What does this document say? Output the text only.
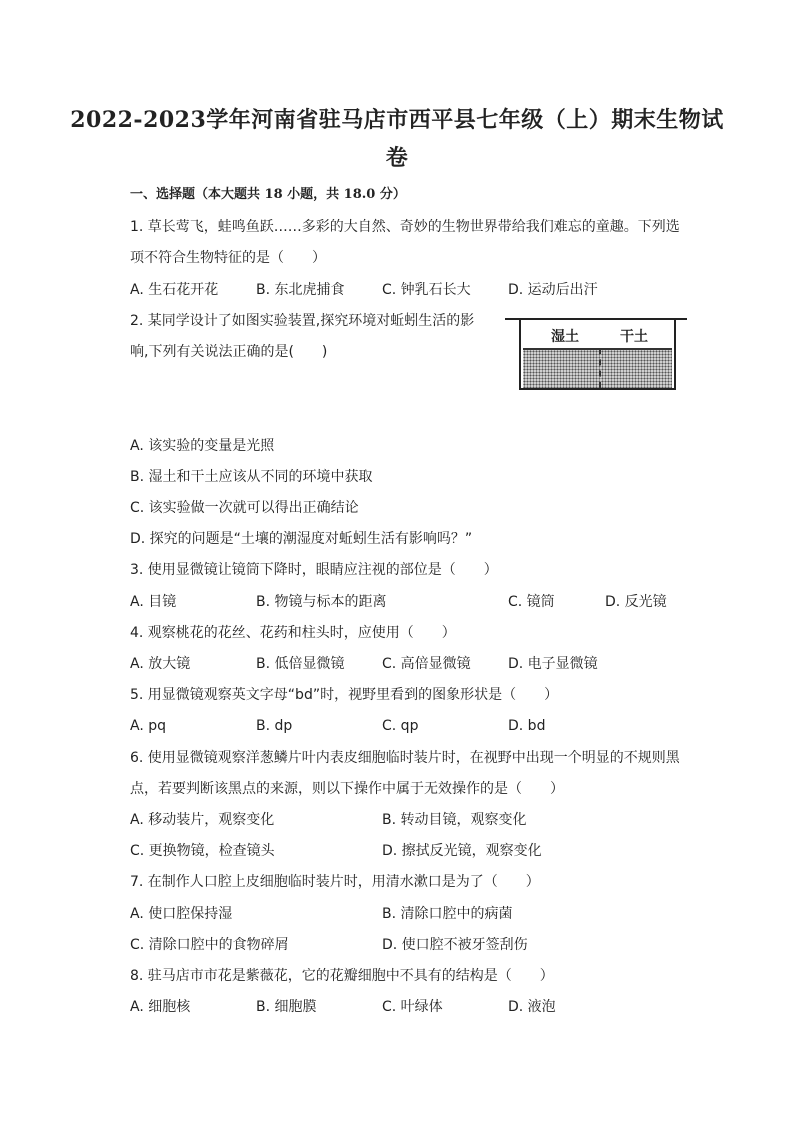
2022-2023学年河南省驻马店市西平县七年级（上）期末生物试
卷
一、选择题（本大题共 18 小题，共 18.0 分）
1. 草长莺飞，蛙鸣鱼跃……多彩的大自然、奇妙的生物世界带给我们难忘的童趣。下列选
项不符合生物特征的是（　　）
A. 生石花开花	B. 东北虎捕食	C. 钟乳石长大	D. 运动后出汗
2. 某同学设计了如图实验装置,探究环境对蚯蚓生活的影
响,下列有关说法正确的是(　　)
湿土	干土
A. 该实验的变量是光照
B. 湿土和干土应该从不同的环境中获取
C. 该实验做一次就可以得出正确结论
D. 探究的问题是“土壤的潮湿度对蚯蚓生活有影响吗？”
3. 使用显微镜让镜筒下降时，眼睛应注视的部位是（　　）
A. 目镜	B. 物镜与标本的距离	C. 镜筒	D. 反光镜
4. 观察桃花的花丝、花药和柱头时，应使用（　　）
A. 放大镜	B. 低倍显微镜	C. 高倍显微镜	D. 电子显微镜
5. 用显微镜观察英文字母“bd”时，视野里看到的图象形状是（　　）
A. pq	B. dp	C. qp	D. bd
6. 使用显微镜观察洋葱鳞片叶内表皮细胞临时装片时，在视野中出现一个明显的不规则黑
点，若要判断该黑点的来源，则以下操作中属于无效操作的是（　　）
A. 移动装片，观察变化	B. 转动目镜，观察变化
C. 更换物镜，检查镜头	D. 擦拭反光镜，观察变化
7. 在制作人口腔上皮细胞临时装片时，用清水漱口是为了（　　）
A. 使口腔保持湿	B. 清除口腔中的病菌
C. 清除口腔中的食物碎屑	D. 使口腔不被牙签刮伤
8. 驻马店市市花是紫薇花，它的花瓣细胞中不具有的结构是（　　）
A. 细胞核	B. 细胞膜	C. 叶绿体	D. 液泡
